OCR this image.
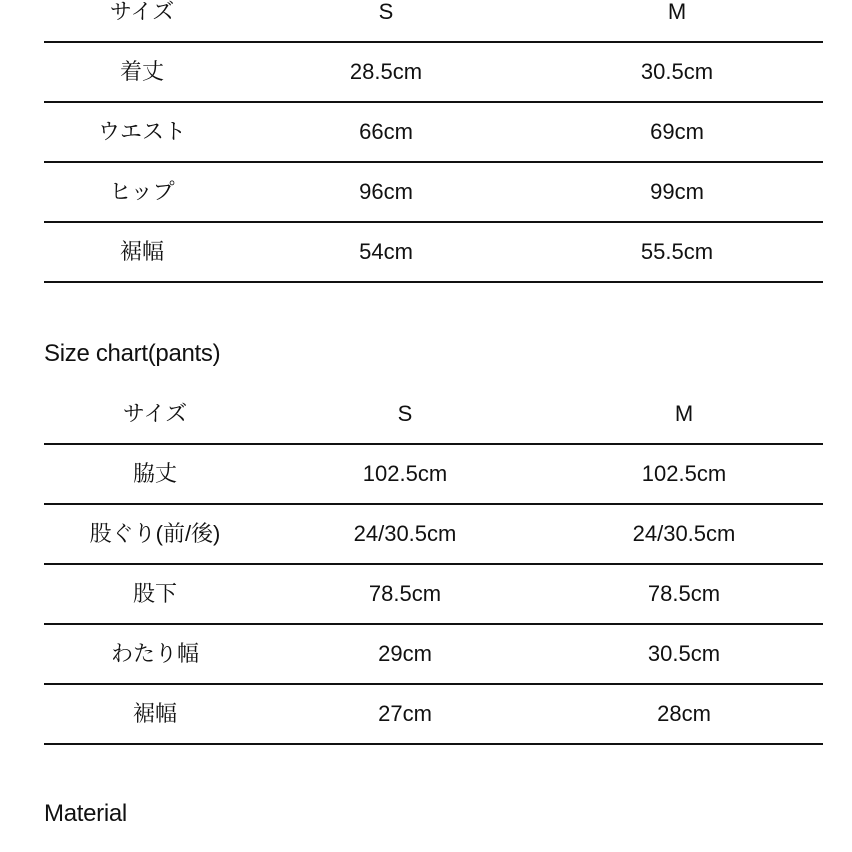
サイズ	S	M
着丈	28.5cm	30.5cm
ウエスト	66cm	69cm
ヒップ	96cm	99cm
裾幅	54cm	55.5cm
Size chart(pants)
サイズ	S	M
脇丈	102.5cm	102.5cm
股ぐり(前/後)	24/30.5cm	24/30.5cm
股下	78.5cm	78.5cm
わたり幅	29cm	30.5cm
裾幅	27cm	28cm
Material
